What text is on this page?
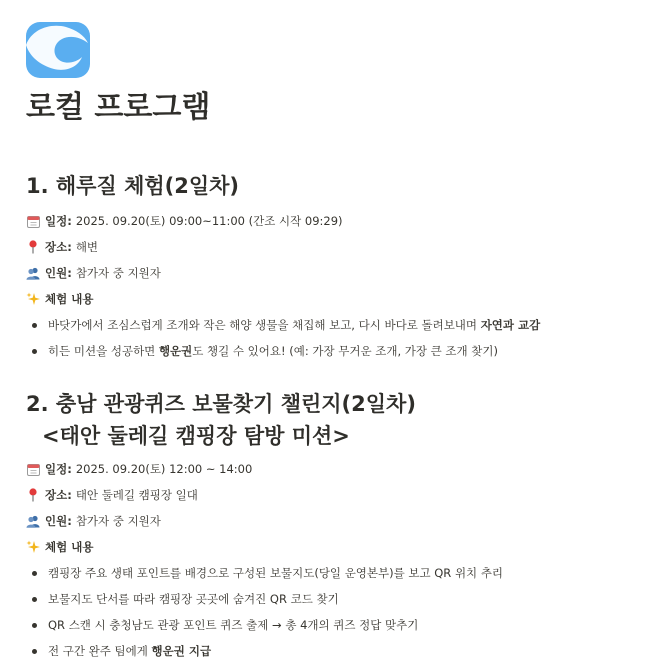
로컬 프로그램
1. 해루질 체험(2일차)
일정: 2025. 09.20(토) 09:00~11:00 (간조 시작 09:29)
장소: 해변
인원: 참가자 중 지원자
체험 내용
바닷가에서 조심스럽게 조개와 작은 해양 생물을 채집해 보고, 다시 바다로 돌려보내며 자연과 교감
히든 미션을 성공하면 행운권도 챙길 수 있어요! (예: 가장 무거운 조개, 가장 큰 조개 찾기)
2. 충남 관광퀴즈 보물찾기 챌린지(2일차)
<태안 둘레길 캠핑장 탐방 미션>
일정: 2025. 09.20(토) 12:00 ~ 14:00
장소: 태안 둘레길 캠핑장 일대
인원: 참가자 중 지원자
체험 내용
캠핑장 주요 생태 포인트를 배경으로 구성된 보물지도(당일 운영본부)를 보고 QR 위치 추리
보물지도 단서를 따라 캠핑장 곳곳에 숨겨진 QR 코드 찾기
QR 스캔 시 충청남도 관광 포인트 퀴즈 출제 → 총 4개의 퀴즈 정답 맞추기
전 구간 완주 팀에게 행운권 지급
